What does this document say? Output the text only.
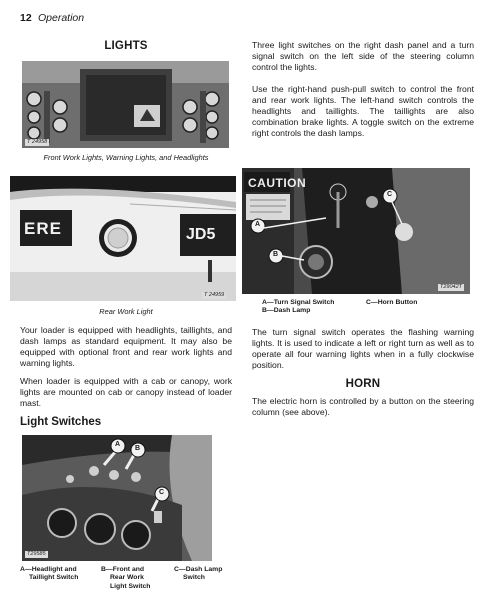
12 Operation
LIGHTS
T 24958
Front Work Lights, Warning Lights, and Headlights
ERE	JD5
T 24959
Rear Work Light
Your loader is equipped with headlights, taillights, and dash lamps as standard equipment. It may also be equipped with optional front and rear work lights and warning lights.
When loader is equipped with a cab or canopy, work lights are mounted on cab or canopy instead of loader mast.
Light Switches
A
B
C
T29585
A—Headlight and
Taillight Switch
B—Front and
Rear Work
Light Switch
C—Dash Lamp
Switch
Three light switches on the right dash panel and a turn signal switch on the left side of the steering column control the lights.
Use the right-hand push-pull switch to control the front and rear work lights. The left-hand switch controls the headlights and taillights. The taillights are also combination brake lights. A toggle switch on the extreme right controls the dash lamps.
CAUTION
A
B
C
T29042T
A—Turn Signal Switch
B—Dash Lamp
C—Horn Button
The turn signal switch operates the flashing warning lights. It is used to indicate a left or right turn as well as to operate all four warning lights when in a fully clockwise position.
HORN
The electric horn is controlled by a button on the steering column (see above).
